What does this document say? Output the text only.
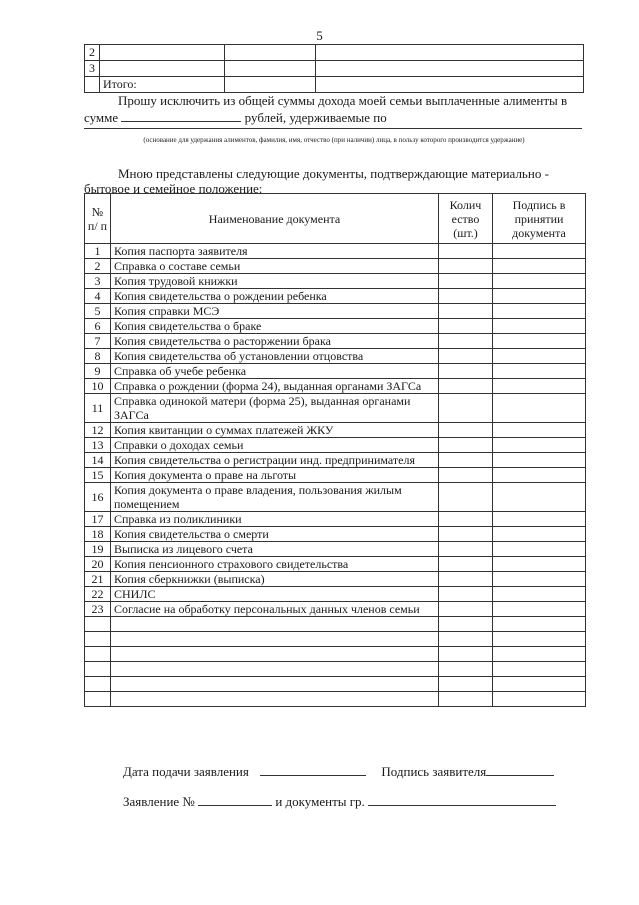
5
2			
3			
	Итого:		
Прошу исключить из общей суммы дохода моей семьи выплаченные алименты в
сумме	рублей, удерживаемые по
(основание для удержания алиментов, фамилия, имя, отчество (при наличии) лица, в пользу которого производится удержание)
Мною представлены следующие документы, подтверждающие материально -
бытовое и семейное положение:
№ п/ п	Наименование документа	Колич ество (шт.)	Подпись в принятии документа
1	Копия паспорта заявителя		
2	Справка о составе семьи		
3	Копия трудовой книжки		
4	Копия свидетельства о рождении ребенка		
5	Копия справки МСЭ		
6	Копия свидетельства о браке		
7	Копия свидетельства о расторжении брака		
8	Копия свидетельства об установлении отцовства		
9	Справка об учебе ребенка		
10	Справка о рождении (форма 24), выданная органами ЗАГСа		
11	Справка одинокой матери (форма 25), выданная органами ЗАГСа		
12	Копия квитанции о суммах платежей ЖКУ		
13	Справки о доходах семьи		
14	Копия свидетельства о регистрации инд. предпринимателя		
15	Копия документа о праве на льготы		
16	Копия документа о праве владения, пользования жилым помещением		
17	Справка из поликлиники		
18	Копия свидетельства о смерти		
19	Выписка из лицевого счета		
20	Копия пенсионного страхового свидетельства		
21	Копия сберкнижки (выписка)		
22	СНИЛС		
23	Согласие на обработку персональных данных членов семьи		

Дата подачи заявления	Подпись заявителя
Заявление №	и документы гр.
